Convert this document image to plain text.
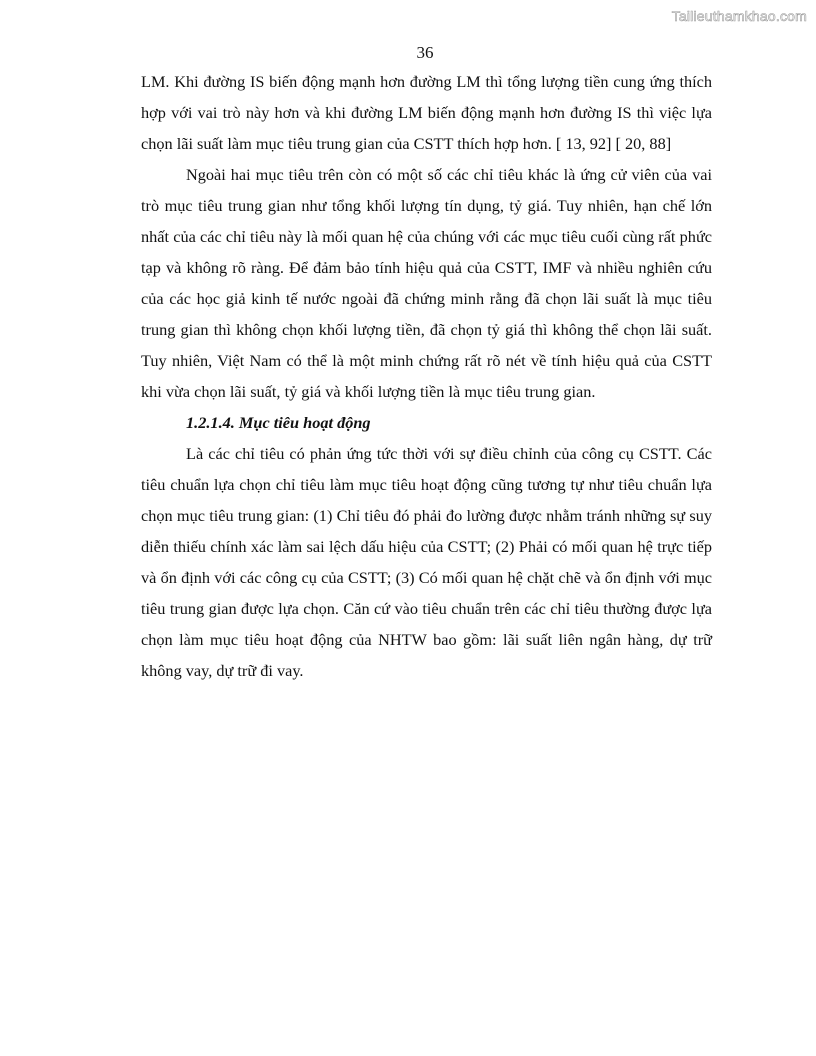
Tailieuthamkhao.com
36

LM. Khi đường IS biến động mạnh hơn đường LM thì tổng lượng tiền cung ứng thích hợp với vai trò này hơn và khi đường LM biến động mạnh hơn đường IS thì việc lựa chọn lãi suất làm mục tiêu trung gian của CSTT thích hợp hơn. [ 13, 92] [ 20, 88]

Ngoài hai mục tiêu trên còn có một số các chỉ tiêu khác là ứng cử viên của vai trò mục tiêu trung gian như tổng khối lượng tín dụng, tỷ giá. Tuy nhiên, hạn chế lớn nhất của các chỉ tiêu này là mối quan hệ của chúng với các mục tiêu cuối cùng rất phức tạp và không rõ ràng. Để đảm bảo tính hiệu quả của CSTT, IMF và nhiều nghiên cứu của các học giả kinh tế nước ngoài đã chứng minh rằng đã chọn lãi suất là mục tiêu trung gian thì không chọn khối lượng tiền, đã chọn tỷ giá thì không thể chọn lãi suất. Tuy nhiên, Việt Nam có thể là một minh chứng rất rõ nét về tính hiệu quả của CSTT khi vừa chọn lãi suất, tỷ giá và khối lượng tiền là mục tiêu trung gian.

1.2.1.4. Mục tiêu hoạt động

Là các chỉ tiêu có phản ứng tức thời với sự điều chỉnh của công cụ CSTT. Các tiêu chuẩn lựa chọn chỉ tiêu làm mục tiêu hoạt động cũng tương tự như tiêu chuẩn lựa chọn mục tiêu trung gian: (1) Chỉ tiêu đó phải đo lường được nhằm tránh những sự suy diễn thiếu chính xác làm sai lệch dấu hiệu của CSTT; (2) Phải có mối quan hệ trực tiếp và ổn định với các công cụ của CSTT; (3) Có mối quan hệ chặt chẽ và ổn định với mục tiêu trung gian được lựa chọn. Căn cứ vào tiêu chuẩn trên các chỉ tiêu thường được lựa chọn làm mục tiêu hoạt động của NHTW bao gồm: lãi suất liên ngân hàng, dự trữ không vay, dự trữ đi vay.
